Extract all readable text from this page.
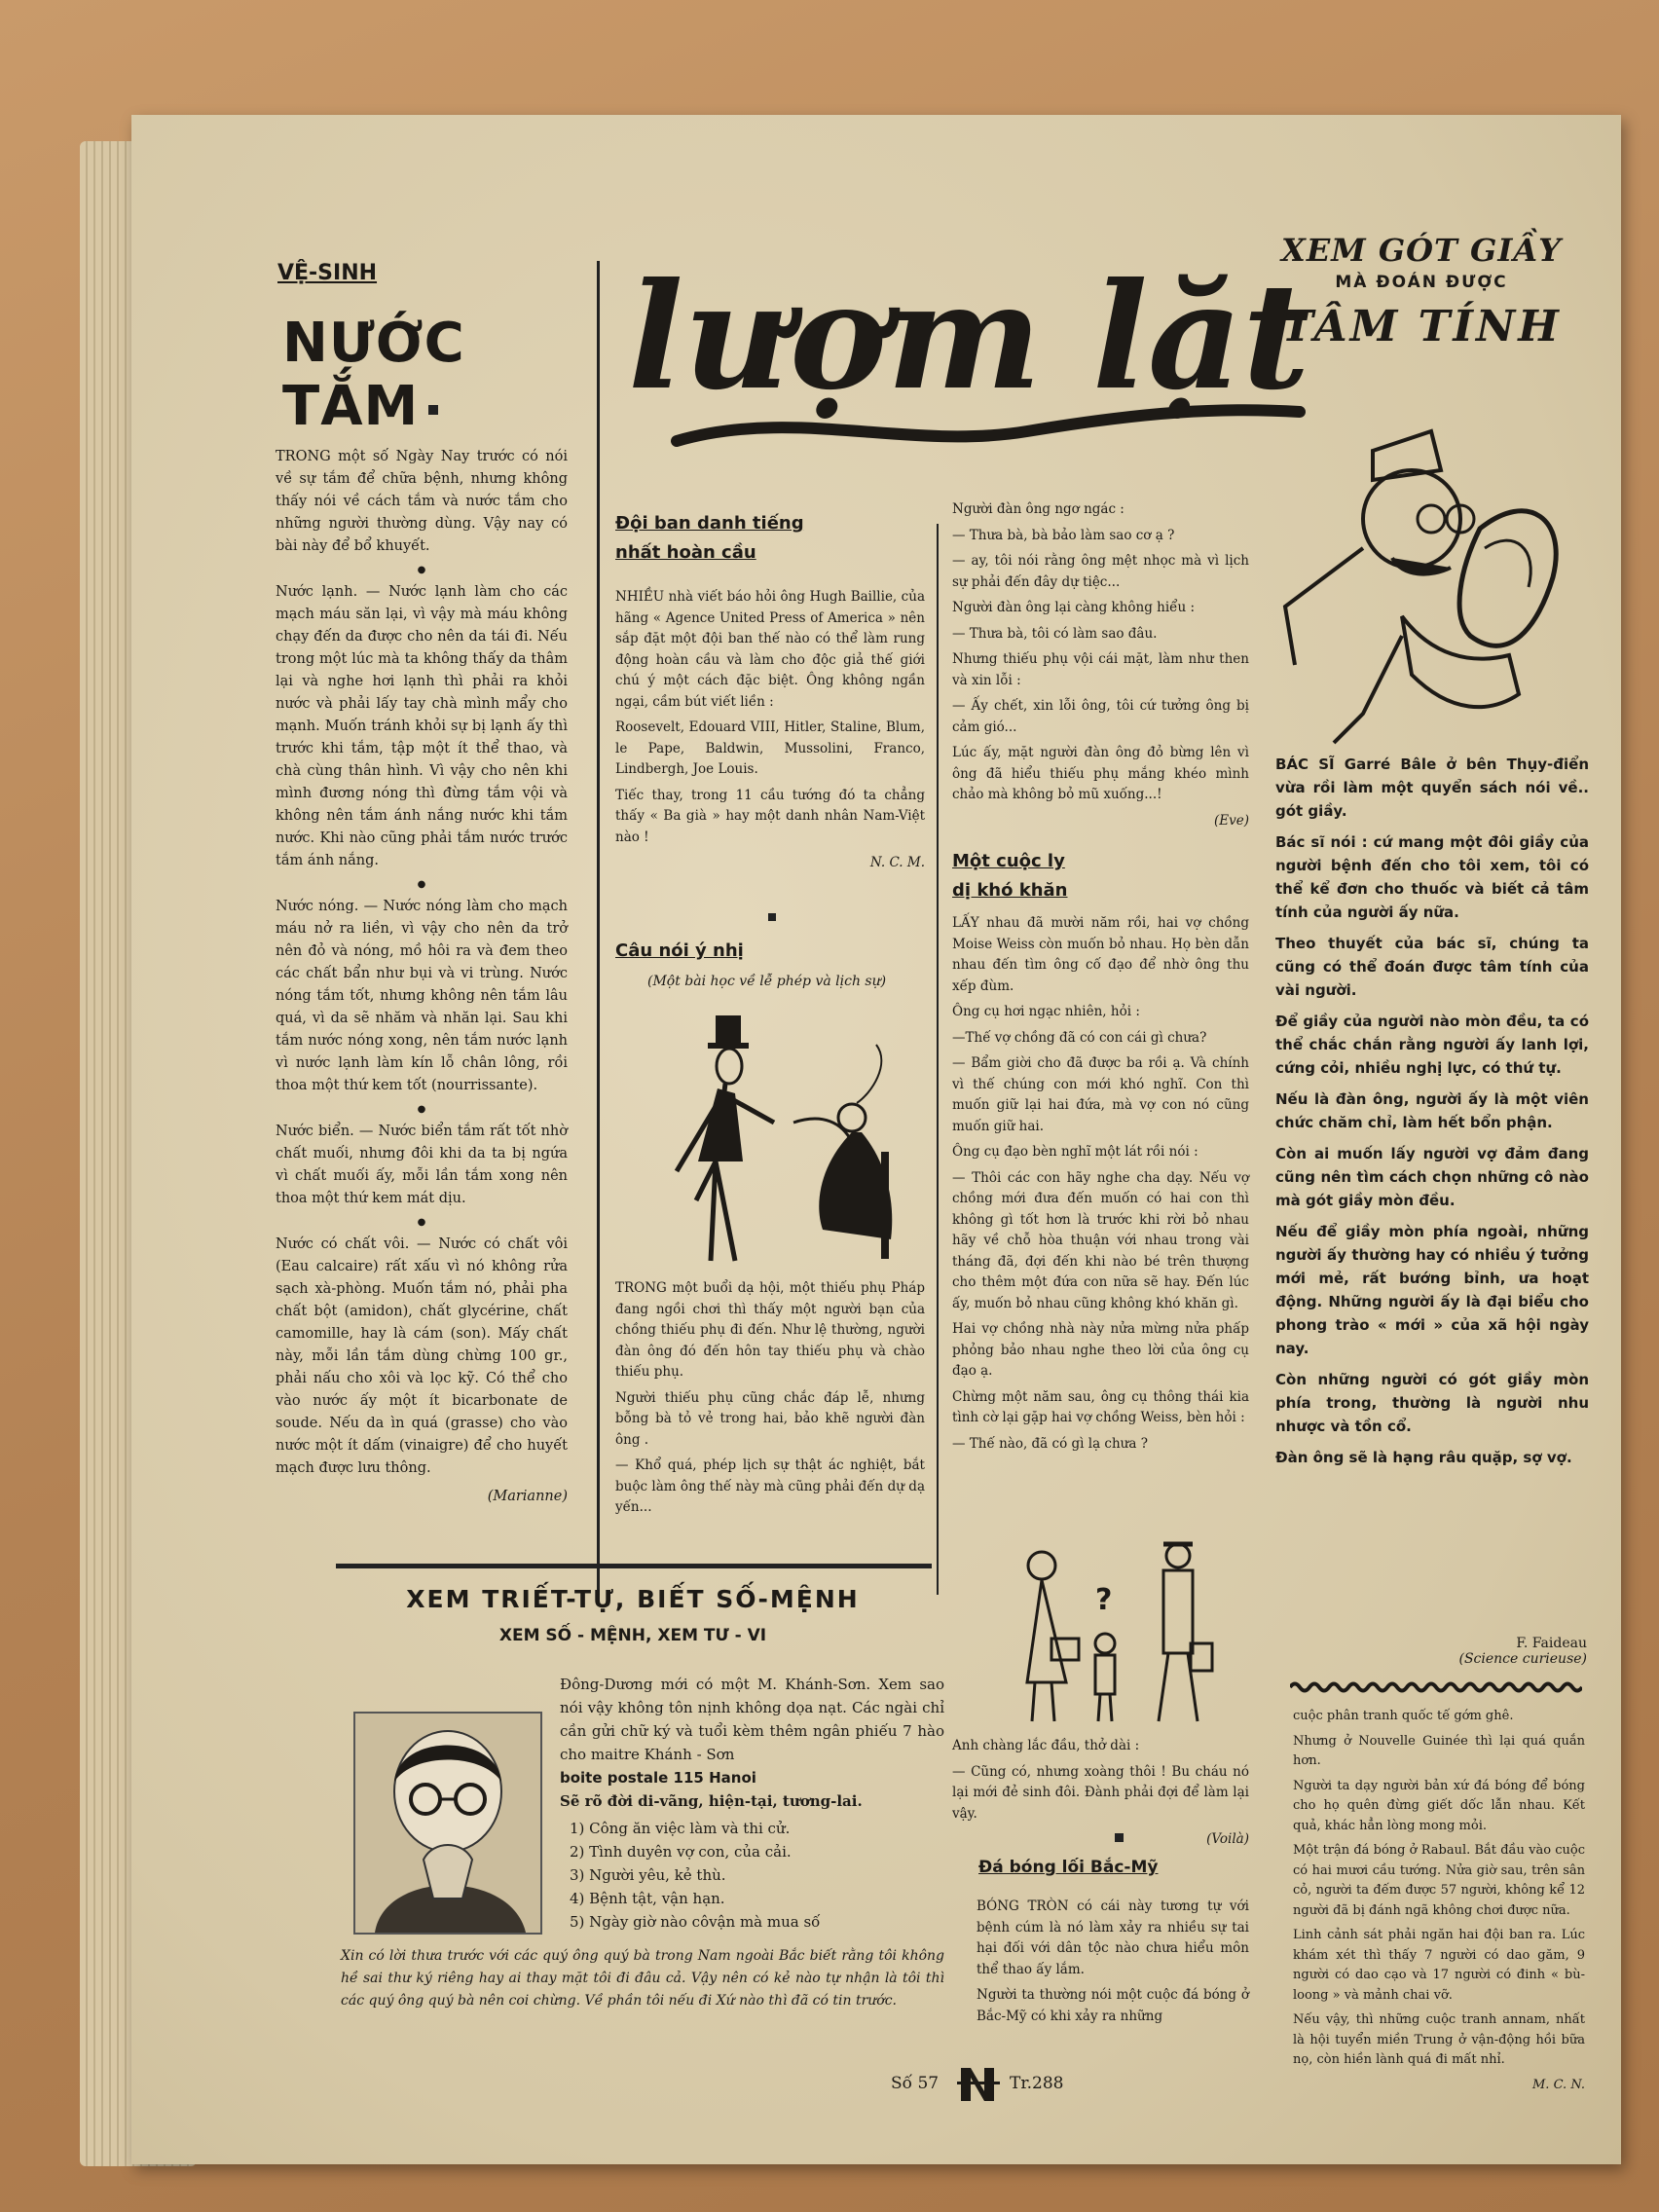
VỆ-SINH
NƯỚC TẮM

TRONG một số Ngày Nay trước có nói về sự tắm để chữa bệnh, nhưng không thấy nói về cách tắm và nước tắm cho những người thường dùng. Vậy nay có bài này để bổ khuyết.

●

Nước lạnh. — Nước lạnh làm cho các mạch máu săn lại, vì vậy mà máu không chạy đến da được cho nên da tái đi. Nếu trong một lúc mà ta không thấy da thâm lại và nghe hơi lạnh thì phải ra khỏi nước và phải lấy tay chà mình mẩy cho mạnh. Muốn tránh khỏi sự bị lạnh ấy thì trước khi tắm, tập một ít thể thao, và chà cùng thân hình. Vì vậy cho nên khi mình đương nóng thì đừng tắm vội và không nên tắm ánh nắng nước khi tắm nước. Khi nào cũng phải tắm nước trước tắm ánh nắng.

●

Nước nóng. — Nước nóng làm cho mạch máu nở ra liền, vì vậy cho nên da trở nên đỏ và nóng, mồ hôi ra và đem theo các chất bẩn như bụi và vi trùng. Nước nóng tắm tốt, nhưng không nên tắm lâu quá, vì da sẽ nhăm và nhăn lại. Sau khi tắm nước nóng xong, nên tắm nước lạnh vì nước lạnh làm kín lỗ chân lông, rồi thoa một thứ kem tốt (nourrissante).

●

Nước biển. — Nước biển tắm rất tốt nhờ chất muối, nhưng đôi khi da ta bị ngứa vì chất muối ấy, mỗi lần tắm xong nên thoa một thứ kem mát dịu.

●

Nước có chất vôi. — Nước có chất vôi (Eau calcaire) rất xấu vì nó không rửa sạch xà-phòng. Muốn tắm nó, phải pha chất bột (amidon), chất glycérine, chất camomille, hay là cám (son). Mấy chất này, mỗi lần tắm dùng chừng 100 gr., phải nấu cho xôi và lọc kỹ. Có thể cho vào nước ấy một ít bicarbonate de soude. Nếu da ìn quá (grasse) cho vào nước một ít dấm (vinaigre) để cho huyết mạch được lưu thông.

(Marianne)

lượm lặt
Đội ban danh tiếng
nhất hoàn cầu

NHIỀU nhà viết báo hỏi ông Hugh Baillie, của hãng « Agence United Press of America » nên sắp đặt một đội ban thế nào có thể làm rung động hoàn cầu và làm cho độc giả thế giới chú ý một cách đặc biệt. Ông không ngần ngại, cầm bút viết liền :

Roosevelt, Edouard VIII, Hitler, Staline, Blum, le Pape, Baldwin, Mussolini, Franco, Lindbergh, Joe Louis.

Tiếc thay, trong 11 cầu tướng đó ta chẳng thấy « Ba già » hay một danh nhân Nam-Việt nào !

N. C. M.

Câu nói ý nhị
(Một bài học về lễ phép và lịch sự)

TRONG một buổi dạ hội, một thiếu phụ Pháp đang ngồi chơi thì thấy một người bạn của chồng thiếu phụ đi đến. Như lệ thường, người đàn ông đó đến hôn tay thiếu phụ và chào thiếu phụ.

Người thiếu phụ cũng chắc đáp lễ, nhưng bỗng bà tỏ vẻ trong hai, bảo khẽ người đàn ông .

— Khổ quá, phép lịch sự thật ác nghiệt, bắt buộc làm ông thế này mà cũng phải đến dự dạ yến...

Người đàn ông ngơ ngác :

— Thưa bà, bà bảo làm sao cơ ạ ?

— ay, tôi nói rằng ông mệt nhọc mà vì lịch sự phải đến đây dự tiệc...

Người đàn ông lại càng không hiểu :

— Thưa bà, tôi có làm sao đâu.

Nhưng thiếu phụ vội cái mặt, làm như then và xin lỗi :

— Ấy chết, xin lỗi ông, tôi cứ tưởng ông bị cảm gió...

Lúc ấy, mặt người đàn ông đỏ bừng lên vì ông đã hiểu thiếu phụ mắng khéo mình chảo mà không bỏ mũ xuống...!

(Eve)

Một cuộc ly
dị khó khăn

LẤY nhau đã mười năm rồi, hai vợ chồng Moise Weiss còn muốn bỏ nhau. Họ bèn dẫn nhau đến tìm ông cố đạo để nhờ ông thu xếp đùm.

Ông cụ hơi ngạc nhiên, hỏi :

—Thế vợ chồng đã có con cái gì chưa?

— Bẩm giời cho đã được ba rồi ạ. Và chính vì thế chúng con mới khó nghĩ. Con thì muốn giữ lại hai đứa, mà vợ con nó cũng muốn giữ hai.

Ông cụ đạo bèn nghĩ một lát rồi nói :

— Thôi các con hãy nghe cha dạy. Nếu vợ chồng mới đưa đến muốn có hai con thì không gì tốt hơn là trước khi rời bỏ nhau hãy về chỗ hòa thuận với nhau trong vài tháng đã, đợi đến khi nào bé trên thượng cho thêm một đứa con nữa sẽ hay. Đến lúc ấy, muốn bỏ nhau cũng không khó khăn gì.

Hai vợ chồng nhà này nửa mừng nửa phấp phỏng bảo nhau nghe theo lời của ông cụ đạo ạ.

Chừng một năm sau, ông cụ thông thái kia tình cờ lại gặp hai vợ chồng Weiss, bèn hỏi :

— Thế nào, đã có gì lạ chưa ?

?

Anh chàng lắc đầu, thở dài :

— Cũng có, nhưng xoàng thôi ! Bu cháu nó lại mới đẻ sinh đôi. Đành phải đợi để làm lại vậy.

(Voilà)

Đá bóng lối Bắc-Mỹ

BÓNG TRÒN có cái này tương tự với bệnh cúm là nó làm xảy ra nhiều sự tai hại đối với dân tộc nào chưa hiểu môn thể thao ấy lắm.

Người ta thường nói một cuộc đá bóng ở Bắc-Mỹ có khi xảy ra những

XEM GÓT GIẦY
MÀ ĐOÁN ĐƯỢC
TÂM TÍNH

BÁC SĨ Garré Bâle ở bên Thụy-điển vừa rồi làm một quyển sách nói về.. gót giầy.

Bác sĩ nói : cứ mang một đôi giầy của người bệnh đến cho tôi xem, tôi có thể kể đơn cho thuốc và biết cả tâm tính của người ấy nữa.

Theo thuyết của bác sĩ, chúng ta cũng có thể đoán được tâm tính của vài người.

Để giầy của người nào mòn đều, ta có thể chắc chắn rằng người ấy lanh lợi, cứng cỏi, nhiều nghị lực, có thứ tự.

Nếu là đàn ông, người ấy là một viên chức chăm chỉ, làm hết bổn phận.

Còn ai muốn lấy người vợ đảm đang cũng nên tìm cách chọn những cô nào mà gót giầy mòn đều.

Nếu để giầy mòn phía ngoài, những người ấy thường hay có nhiều ý tưởng mới mẻ, rất bướng bỉnh, ưa hoạt động. Những người ấy là đại biểu cho phong trào « mới » của xã hội ngày nay.

Còn những người có gót giầy mòn phía trong, thường là người nhu nhược và tồn cổ.

Đàn ông sẽ là hạng râu quặp, sợ vợ.

F. Faideau
(Science curieuse)

cuộc phân tranh quốc tế gớm ghê.

Nhưng ở Nouvelle Guinée thì lại quá quắn hơn.

Người ta dạy người bản xứ đá bóng để bóng cho họ quên đừng giết dốc lẫn nhau. Kết quả, khác hẳn lòng mong mỏi.

Một trận đá bóng ở Rabaul. Bắt đầu vào cuộc có hai mươi cầu tướng. Nửa giờ sau, trên sân cỏ, người ta đếm được 57 người, không kể 12 người đã bị đánh ngã không chơi được nữa.

Linh cảnh sát phải ngăn hai đội ban ra. Lúc khám xét thì thấy 7 người có dao găm, 9 người có dao cạo và 17 người có đinh « bù-loong » và mảnh chai vỡ.

Nếu vậy, thì những cuộc tranh annam, nhất là hội tuyển miền Trung ở vận-động hồi bữa nọ, còn hiền lành quá đi mất nhỉ.

M. C. N.

XEM TRIẾT-TỰ, BIẾT SỐ-MỆNH
XEM SỐ - MỆNH, XEM TƯ - VI

Đông-Dương mới có một M. Khánh-Sơn. Xem sao nói vậy không tôn nịnh không dọa nạt. Các ngài chỉ cần gửi chữ ký và tuổi kèm thêm ngân phiếu 7 hào cho maitre Khánh - Sơn

boite postale 115 Hanoi

Sẽ rõ đời di-vãng, hiện-tại, tương-lai.

1) Công ăn việc làm và thi cử.
2) Tình duyên vợ con, của cải.
3) Người yêu, kẻ thù.
4) Bệnh tật, vận hạn.
5) Ngày giờ nào côvận mà mua số
Xin có lời thưa trước với các quý ông quý bà trong Nam ngoài Bắc biết rằng tôi không hề sai thư ký riêng hay ai thay mặt tôi đi đâu cả. Vậy nên có kẻ nào tự nhận là tôi thì các quý ông quý bà nên coi chừng. Về phần tôi nếu đi Xứ nào thì đã có tin trước.
Số 57	Tr.288
